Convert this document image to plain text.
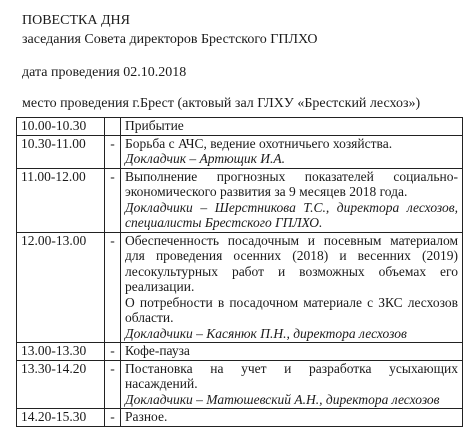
ПОВЕСТКА ДНЯ
заседания Совета директоров Брестского ГПЛХО
дата проведения 02.10.2018
место проведения г.Брест (актовый зал ГЛХУ «Брестский лесхоз»)
10.00-10.30		Прибытие

10.30-11.00	-	Борьба с АЧС, ведение охотничьего хозяйства.

Докладчик – Артющик И.А.

11.00-12.00	-	Выполнение прогнозных показателей социально-экономического развития за 9 месяцев 2018 года.

Докладчики – Шерстникова Т.С., директора лесхозов, специалисты Брестского ГПЛХО.

12.00-13.00	-	Обеспеченность посадочным и посевным материалом для проведения осенних (2018) и весенних (2019) лесокультурных работ и возможных объемах его реализации.

О потребности в посадочном материале с ЗКС лесхозов области.

Докладчики – Касянюк П.Н., директора лесхозов

13.00-13.30	-	Кофе-пауза

13.30-14.20	-	Постановка на учет и разработка усыхающих насаждений.

Докладчики – Матюшевский А.Н., директора лесхозов

14.20-15.30	-	Разное.
